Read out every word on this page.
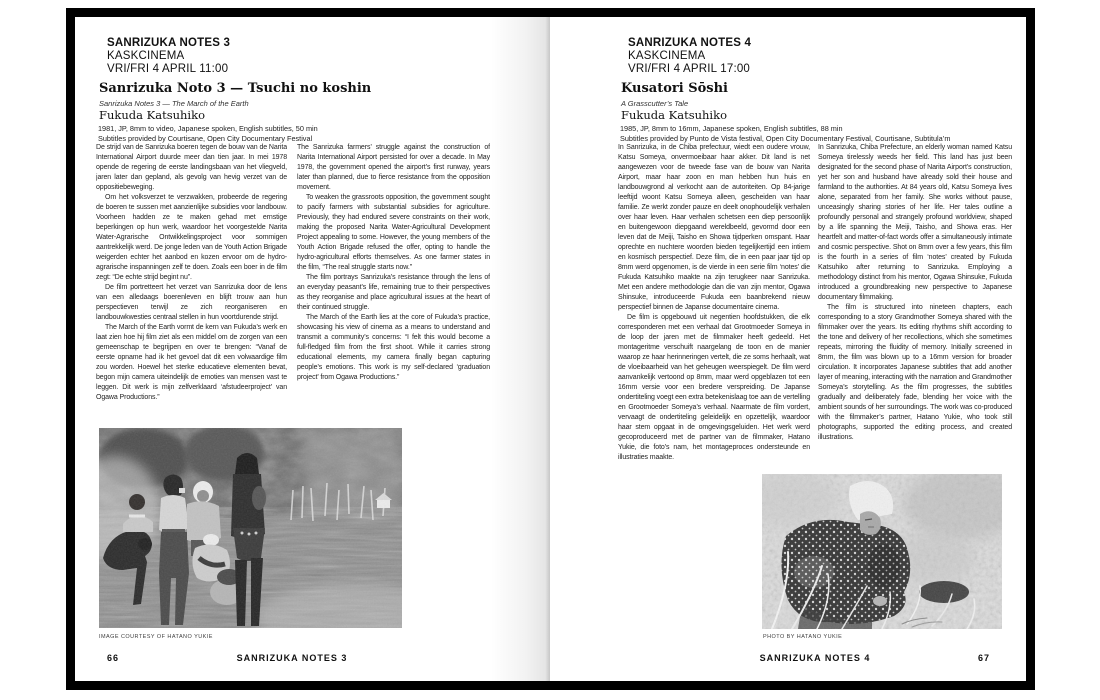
SANRIZUKA NOTES 3
KASKCINEMA
VRI/FRI 4 APRIL 11:00
Sanrizuka Noto 3 — Tsuchi no koshin
Sanrizuka Notes 3 — The March of the Earth
Fukuda Katsuhiko
1981, JP, 8mm to video, Japanese spoken, English subtitles, 50 min
Subtitles provided by Courtisane, Open City Documentary Festival

De strijd van de Sanrizuka boeren tegen de bouw van de Narita International Airport duurde meer dan tien jaar. In mei 1978 opende de regering de eerste landingsbaan van het vliegveld, jaren later dan gepland, als gevolg van hevig verzet van de oppositiebeweging.

Om het volksverzet te verzwakken, probeerde de regering de boeren te sussen met aanzienlijke subsidies voor landbouw. Voorheen hadden ze te maken gehad met ernstige beperkingen op hun werk, waardoor het voorgestelde Narita Water-Agrarische Ontwikkelingsproject voor sommigen aantrekkelijk werd. De jonge leden van de Youth Action Brigade weigerden echter het aanbod en kozen ervoor om de hydro-agrarische inspanningen zelf te doen. Zoals een boer in de film zegt: “De echte strijd begint nu”.

De film portretteert het verzet van Sanrizuka door de lens van een alledaags boerenleven en blijft trouw aan hun perspectieven terwijl ze zich reorganiseren en landbouwkwesties centraal stellen in hun voortdurende strijd.

The March of the Earth vormt de kern van Fukuda’s werk en laat zien hoe hij film ziet als een middel om de zorgen van een gemeenschap te begrijpen en over te brengen: “Vanaf de eerste opname had ik het gevoel dat dit een volwaardige film zou worden. Hoewel het sterke educatieve elementen bevat, begon mijn camera uiteindelijk de emoties van mensen vast te leggen. Dit werk is mijn zelfverklaard ‘afstudeerproject’ van Ogawa Productions.”

The Sanrizuka farmers’ struggle against the construction of Narita International Airport persisted for over a decade. In May 1978, the government opened the airport’s first runway, years later than planned, due to fierce resistance from the opposition movement.

To weaken the grassroots opposition, the government sought to pacify farmers with substantial subsidies for agriculture. Previously, they had endured severe constraints on their work, making the proposed Narita Water-Agricultural Development Project appealing to some. However, the young members of the Youth Action Brigade refused the offer, opting to handle the hydro-agricultural efforts themselves. As one farmer states in the film, “The real struggle starts now.”

The film portrays Sanrizuka’s resistance through the lens of an everyday peasant’s life, remaining true to their perspectives as they reorganise and place agricultural issues at the heart of their continued struggle.

The March of the Earth lies at the core of Fukuda’s practice, showcasing his view of cinema as a means to understand and transmit a community’s concerns: “I felt this would become a full-fledged film from the first shoot. While it carries strong educational elements, my camera finally began capturing people’s emotions. This work is my self-declared ‘graduation project’ from Ogawa Productions.”

IMAGE COURTESY OF HATANO YUKIE
66	SANRIZUKA NOTES 3
SANRIZUKA NOTES 4
KASKCINEMA
VRI/FRI 4 APRIL 17:00
Kusatori Sōshi
A Grasscutter’s Tale
Fukuda Katsuhiko
1985, JP, 8mm to 16mm, Japanese spoken, English subtitles, 88 min
Subtitles provided by Punto de Vista festival, Open City Documentary Festival, Courtisane, Subtitula’m

In Sanrizuka, in de Chiba prefectuur, wiedt een oudere vrouw, Katsu Someya, onvermoeibaar haar akker. Dit land is net aangewezen voor de tweede fase van de bouw van Narita Airport, maar haar zoon en man hebben hun huis en landbouwgrond al verkocht aan de autoriteiten. Op 84-jarige leeftijd woont Katsu Someya alleen, gescheiden van haar familie. Ze werkt zonder pauze en deelt onophoudelijk verhalen over haar leven. Haar verhalen schetsen een diep persoonlijk en buitengewoon diepgaand wereldbeeld, gevormd door een leven dat de Meiji, Taisho en Showa tijdperken omspant. Haar oprechte en nuchtere woorden bieden tegelijkertijd een intiem en kosmisch perspectief. Deze film, die in een paar jaar tijd op 8mm werd opgenomen, is de vierde in een serie film ‘notes’ die Fukuda Katsuhiko maakte na zijn terugkeer naar Sanrizuka. Met een andere methodologie dan die van zijn mentor, Ogawa Shinsuke, introduceerde Fukuda een baanbrekend nieuw perspectief binnen de Japanse documentaire cinema.

De film is opgebouwd uit negentien hoofdstukken, die elk corresponderen met een verhaal dat Grootmoeder Someya in de loop der jaren met de filmmaker heeft gedeeld. Het montageritme verschuift naargelang de toon en de manier waarop ze haar herinneringen vertelt, die ze soms herhaalt, wat de vloeibaarheid van het geheugen weerspiegelt. De film werd aanvankelijk vertoond op 8mm, maar werd opgeblazen tot een 16mm versie voor een bredere verspreiding. De Japanse ondertiteling voegt een extra betekenislaag toe aan de vertelling en Grootmoeder Someya’s verhaal. Naarmate de film vordert, vervaagt de ondertiteling geleidelijk en opzettelijk, waardoor haar stem opgaat in de omgevingsgeluiden. Het werk werd gecoproduceerd met de partner van de filmmaker, Hatano Yukie, die foto’s nam, het montageproces ondersteunde en illustraties maakte.

In Sanrizuka, Chiba Prefecture, an elderly woman named Katsu Someya tirelessly weeds her field. This land has just been designated for the second phase of Narita Airport’s construction, yet her son and husband have already sold their house and farmland to the authorities. At 84 years old, Katsu Someya lives alone, separated from her family. She works without pause, unceasingly sharing stories of her life. Her tales outline a profoundly personal and strangely profound worldview, shaped by a life spanning the Meiji, Taisho, and Showa eras. Her heartfelt and matter-of-fact words offer a simultaneously intimate and cosmic perspective. Shot on 8mm over a few years, this film is the fourth in a series of film ‘notes’ created by Fukuda Katsuhiko after returning to Sanrizuka. Employing a methodology distinct from his mentor, Ogawa Shinsuke, Fukuda introduced a groundbreaking new perspective to Japanese documentary filmmaking.

The film is structured into nineteen chapters, each corresponding to a story Grandmother Someya shared with the filmmaker over the years. Its editing rhythms shift according to the tone and delivery of her recollections, which she sometimes repeats, mirroring the fluidity of memory. Initially screened in 8mm, the film was blown up to a 16mm version for broader circulation. It incorporates Japanese subtitles that add another layer of meaning, interacting with the narration and Grandmother Someya’s storytelling. As the film progresses, the subtitles gradually and deliberately fade, blending her voice with the ambient sounds of her surroundings. The work was co-produced with the filmmaker’s partner, Hatano Yukie, who took still photographs, supported the editing process, and created illustrations.

PHOTO BY HATANO YUKIE
SANRIZUKA NOTES 4	67
